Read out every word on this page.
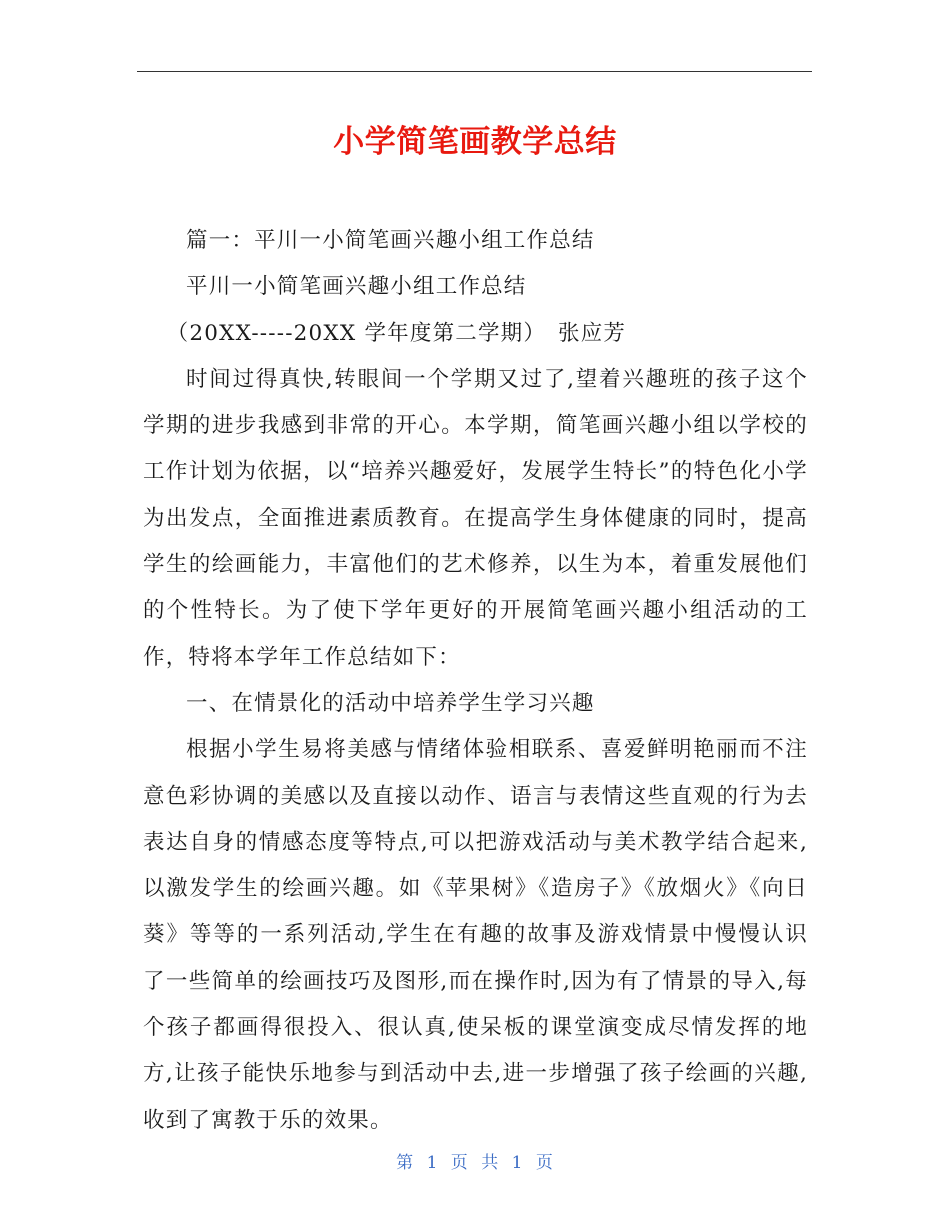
小学简笔画教学总结

篇一：平川一小简笔画兴趣小组工作总结

平川一小简笔画兴趣小组工作总结

（20XX-----20XX 学年度第二学期）　张应芳

时间过得真快,转眼间一个学期又过了,望着兴趣班的孩子这个学期的进步我感到非常的开心。本学期，简笔画兴趣小组以学校的工作计划为依据，以“培养兴趣爱好，发展学生特长”的特色化小学为出发点，全面推进素质教育。在提高学生身体健康的同时，提高学生的绘画能力，丰富他们的艺术修养，以生为本，着重发展他们的个性特长。为了使下学年更好的开展简笔画兴趣小组活动的工作，特将本学年工作总结如下：

一、在情景化的活动中培养学生学习兴趣

根据小学生易将美感与情绪体验相联系、喜爱鲜明艳丽而不注意色彩协调的美感以及直接以动作、语言与表情这些直观的行为去表达自身的情感态度等特点,可以把游戏活动与美术教学结合起来,以激发学生的绘画兴趣。如《苹果树》《造房子》《放烟火》《向日葵》等等的一系列活动,学生在有趣的故事及游戏情景中慢慢认识了一些简单的绘画技巧及图形,而在操作时,因为有了情景的导入,每个孩子都画得很投入、很认真,使呆板的课堂演变成尽情发挥的地方,让孩子能快乐地参与到活动中去,进一步增强了孩子绘画的兴趣,收到了寓教于乐的效果。

第 1 页 共 1 页
